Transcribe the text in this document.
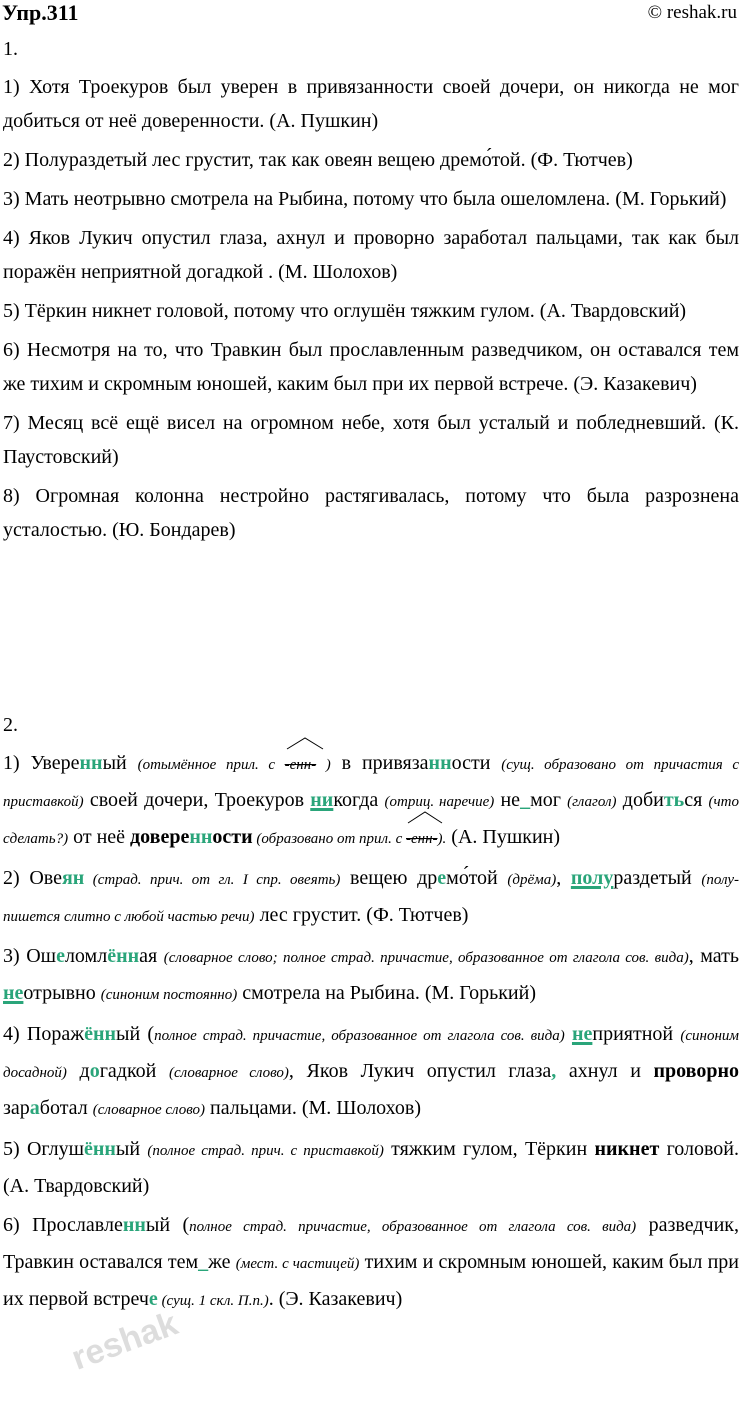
Упр.311	© reshak.ru
1.

1) Хотя Троекуров был уверен в привязанности своей дочери, он никогда не мог добиться от неё доверенности. (А. Пушкин)

2) Полураздетый лес грустит, так как овеян вещею дремо́той. (Ф. Тютчев)

3) Мать неотрывно смотрела на Рыбина, потому что была ошеломлена. (М. Горький)

4) Яков Лукич опустил глаза, ахнул и проворно заработал пальцами, так как был поражён неприятной догадкой . (М. Шолохов)

5) Тёркин никнет головой, потому что оглушён тяжким гулом. (А. Твардовский)

6) Несмотря на то, что Травкин был прославленным разведчиком, он оставался тем же тихим и скромным юношей, каким был при их первой встрече. (Э. Казакевич)

7) Месяц всё ещё висел на огромном небе, хотя был усталый и побледневший. (К. Паустовский)

8) Огромная колонна нестройно растягивалась, потому что была разрознена усталостью. (Ю. Бондарев)

2.

1) Уверенный (отымённое прил. с
-енн- ) в привязанности (сущ. образовано от причастия с приставкой) своей дочери, Троекуров никогда (отриц. наречие) не_мог (глагол) добиться (что сделать?) от неё доверенности (образовано от прил. с
-енн-). (А. Пушкин)

2) Овеян (страд. прич. от гл. I спр. овеять) вещею дремо ́той (дрёма), полураздетый (полу- пишется слитно с любой частью речи) лес грустит. (Ф. Тютчев)

3) Ошеломлённая (словарное слово; полное страд. причастие, образованное от глагола сов. вида), мать неотрывно (синоним постоянно) смотрела на Рыбина. (М. Горький)

4) Поражённый (полное страд. причастие, образованное от глагола сов. вида) неприятной (синоним досадной) догадкой (словарное слово), Яков Лукич опустил глаза, ахнул и проворно заработал (словарное слово) пальцами. (М. Шолохов)

5) Оглушённый (полное страд. прич. с приставкой) тяжким гулом, Тёркин никнет головой. (А. Твардовский)

6) Прославленный (полное страд. причастие, образованное от глагола сов. вида) разведчик, Травкин оставался тем_же (мест. с частицей) тихим и скромным юношей, каким был при их первой встрече (сущ. 1 скл. П.п.). (Э. Казакевич)

reshak
